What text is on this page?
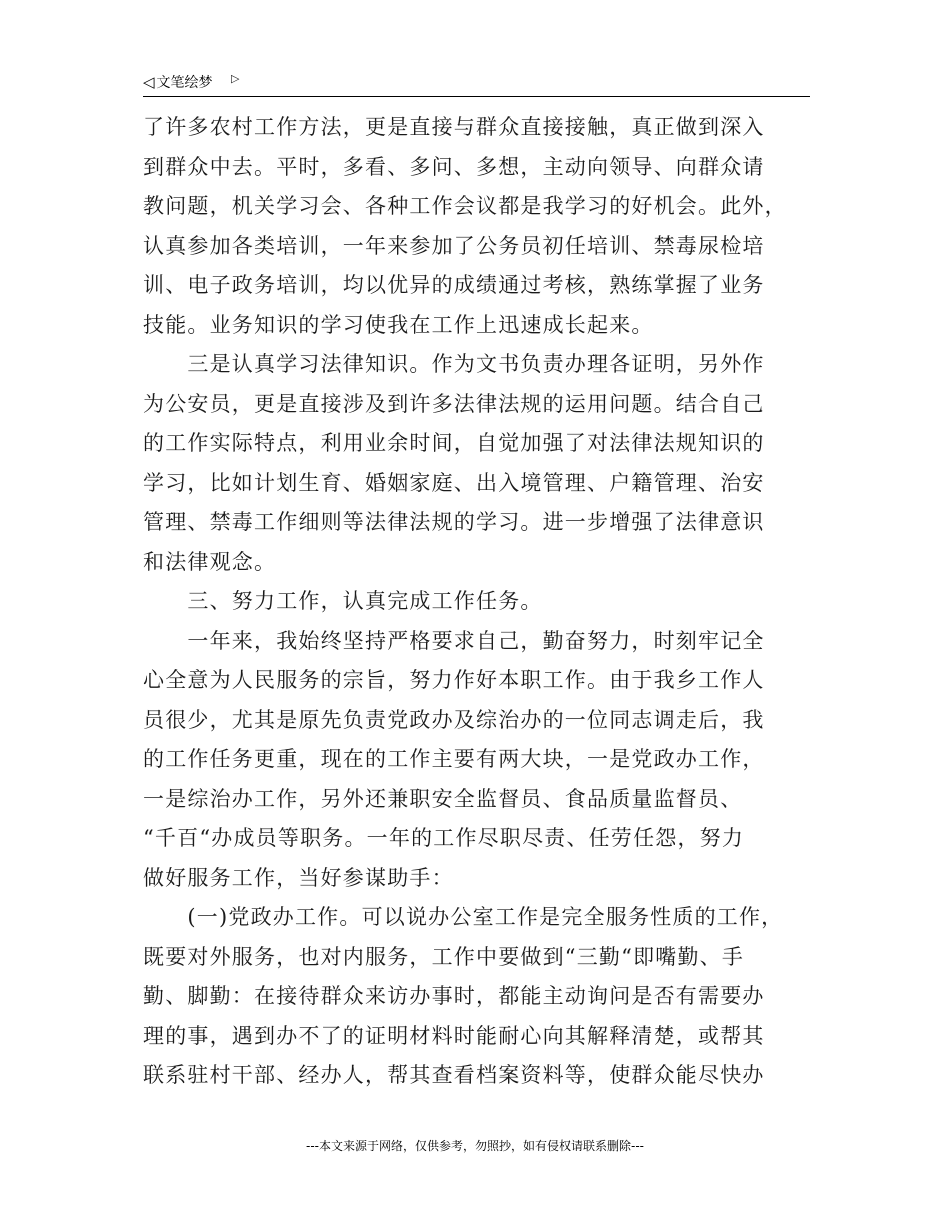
◁ 文笔绘梦 ▷
了许多农村工作方法，更是直接与群众直接接触，真正做到深入
到群众中去。平时，多看、多问、多想，主动向领导、向群众请
教问题，机关学习会、各种工作会议都是我学习的好机会。此外，
认真参加各类培训，一年来参加了公务员初任培训、禁毒尿检培
训、电子政务培训，均以优异的成绩通过考核，熟练掌握了业务
技能。业务知识的学习使我在工作上迅速成长起来。
　　三是认真学习法律知识。作为文书负责办理各证明，另外作
为公安员，更是直接涉及到许多法律法规的运用问题。结合自己
的工作实际特点，利用业余时间，自觉加强了对法律法规知识的
学习，比如计划生育、婚姻家庭、出入境管理、户籍管理、治安
管理、禁毒工作细则等法律法规的学习。进一步增强了法律意识
和法律观念。
　　三、努力工作，认真完成工作任务。
　　一年来，我始终坚持严格要求自己，勤奋努力，时刻牢记全
心全意为人民服务的宗旨，努力作好本职工作。由于我乡工作人
员很少，尤其是原先负责党政办及综治办的一位同志调走后，我
的工作任务更重，现在的工作主要有两大块，一是党政办工作，
一是综治办工作，另外还兼职安全监督员、食品质量监督员、
“千百“办成员等职务。一年的工作尽职尽责、任劳任怨，努力
做好服务工作，当好参谋助手：
　　(一)党政办工作。可以说办公室工作是完全服务性质的工作，
既要对外服务，也对内服务，工作中要做到“三勤“即嘴勤、手
勤、脚勤：在接待群众来访办事时，都能主动询问是否有需要办
理的事，遇到办不了的证明材料时能耐心向其解释清楚，或帮其
联系驻村干部、经办人，帮其查看档案资料等，使群众能尽快办
---本文来源于网络，仅供参考，勿照抄，如有侵权请联系删除---
